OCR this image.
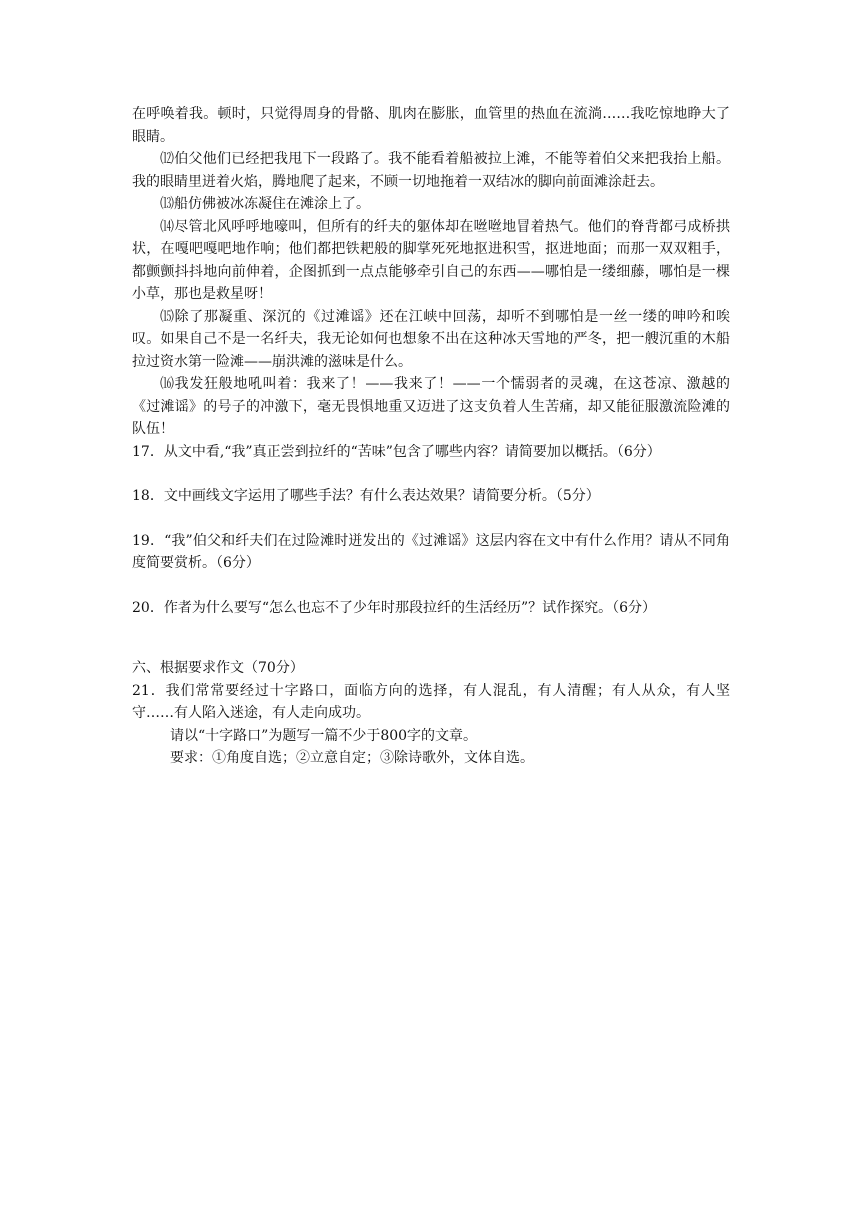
在呼唤着我。顿时，只觉得周身的骨骼、肌肉在膨胀，血管里的热血在流淌……我吃惊地睁大了眼睛。

⑿伯父他们已经把我甩下一段路了。我不能看着船被拉上滩，不能等着伯父来把我抬上船。我的眼睛里迸着火焰，腾地爬了起来，不顾一切地拖着一双结冰的脚向前面滩涂赶去。

⒀船仿佛被冰冻凝住在滩涂上了。

⒁尽管北风呼呼地嚎叫，但所有的纤夫的躯体却在咝咝地冒着热气。他们的脊背都弓成桥拱状，在嘎吧嘎吧地作响；他们都把铁耙般的脚掌死死地抠进积雪，抠进地面；而那一双双粗手，都颤颤抖抖地向前伸着，企图抓到一点点能够牵引自己的东西——哪怕是一缕细藤，哪怕是一棵小草，那也是救星呀！

⒂除了那凝重、深沉的《过滩谣》还在江峡中回荡，却听不到哪怕是一丝一缕的呻吟和唉叹。如果自己不是一名纤夫，我无论如何也想象不出在这种冰天雪地的严冬，把一艘沉重的木船拉过资水第一险滩——崩洪滩的滋味是什么。

⒃我发狂般地吼叫着：我来了！——我来了！——一个懦弱者的灵魂，在这苍凉、激越的《过滩谣》的号子的冲激下，毫无畏惧地重又迈进了这支负着人生苦痛，却又能征服激流险滩的队伍！

17．从文中看,“我”真正尝到拉纤的“苦味”包含了哪些内容？请简要加以概括。（6分）

18．文中画线文字运用了哪些手法？有什么表达效果？请简要分析。（5分）

19．“我”伯父和纤夫们在过险滩时迸发出的《过滩谣》这层内容在文中有什么作用？请从不同角度简要赏析。（6分）

20．作者为什么要写“怎么也忘不了少年时那段拉纤的生活经历”？试作探究。（6分）

六、根据要求作文（70分）

21．我们常常要经过十字路口，面临方向的选择，有人混乱，有人清醒；有人从众，有人坚守……有人陷入迷途，有人走向成功。

请以“十字路口”为题写一篇不少于800字的文章。

要求：①角度自选；②立意自定；③除诗歌外，文体自选。
